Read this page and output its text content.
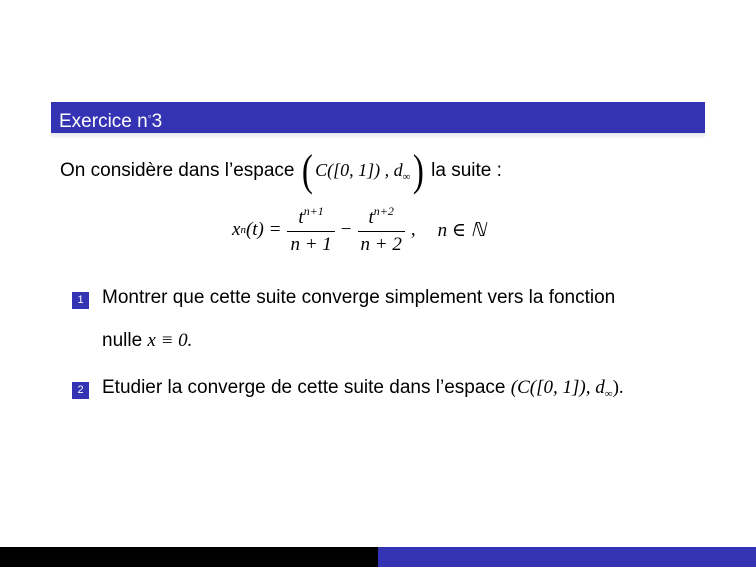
Exercice n◦3
On considère dans l’espace ( C([0, 1]) , $d_\infty$ ) la suite :
x n $(t) = \frac{t^{n+1}}{n + 1} - \frac{t^{n+2}}{n + 2}$ , n ∈ ℕ
1 Montrer que cette suite converge simplement vers la fonction
nulle x ≡ 0.
2 Etudier la converge de cette suite dans l’espace (C([0, 1]), $d_\infty$).
